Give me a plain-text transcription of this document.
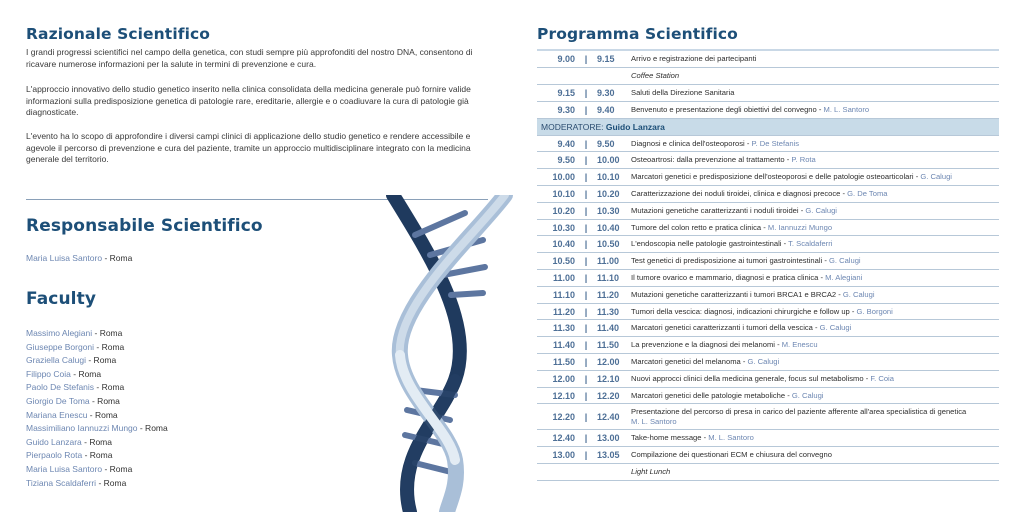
Razionale Scientifico

I grandi progressi scientifici nel campo della genetica, con studi sempre più approfonditi del nostro DNA, consentono di ricavare numerose informazioni per la salute in termini di prevenzione e cura.

L'approccio innovativo dello studio genetico inserito nella clinica consolidata della medicina generale può fornire valide informazioni sulla predisposizione genetica di patologie rare, ereditarie, allergie e o coadiuvare la cura di patologie già diagnosticate.

L'evento ha lo scopo di approfondire i diversi campi clinici di applicazione dello studio genetico e rendere accessibile e agevole il percorso di prevenzione e cura del paziente, tramite un approccio multidisciplinare integrato con la medicina generale del territorio.

Responsabile Scientifico
Maria Luisa Santoro - Roma
Faculty
Massimo Alegiani - Roma
Giuseppe Borgoni - Roma
Graziella Calugi - Roma
Filippo Coia - Roma
Paolo De Stefanis - Roma
Giorgio De Toma - Roma
Mariana Enescu - Roma
Massimiliano Iannuzzi Mungo - Roma
Guido Lanzara - Roma
Pierpaolo Rota - Roma
Maria Luisa Santoro - Roma
Tiziana Scaldaferri - Roma
Programma Scientifico
9.00	|	9.15	Arrivo e registrazione dei partecipanti
			Coffee Station
9.15	|	9.30	Saluti della Direzione Sanitaria
9.30	|	9.40	Benvenuto e presentazione degli obiettivi del convegno - M. L. Santoro
MODERATORE: Guido Lanzara			
9.40	|	9.50	Diagnosi e clinica dell'osteoporosi - P. De Stefanis
9.50	|	10.00	Osteoartrosi: dalla prevenzione al trattamento - P. Rota
10.00	|	10.10	Marcatori genetici e predisposizione dell'osteoporosi e delle patologie osteoarticolari - G. Calugi
10.10	|	10.20	Caratterizzazione dei noduli tiroidei, clinica e diagnosi precoce - G. De Toma
10.20	|	10.30	Mutazioni genetiche caratterizzanti i noduli tiroidei - G. Calugi
10.30	|	10.40	Tumore del colon retto e pratica clinica - M. Iannuzzi Mungo
10.40	|	10.50	L'endoscopia nelle patologie gastrointestinali - T. Scaldaferri
10.50	|	11.00	Test genetici di predisposizione ai tumori gastrointestinali - G. Calugi
11.00	|	11.10	Il tumore ovarico e mammario, diagnosi e pratica clinica - M. Alegiani
11.10	|	11.20	Mutazioni genetiche caratterizzanti i tumori BRCA1 e BRCA2 - G. Calugi
11.20	|	11.30	Tumori della vescica: diagnosi, indicazioni chirurgiche e follow up - G. Borgoni
11.30	|	11.40	Marcatori genetici caratterizzanti i tumori della vescica - G. Calugi
11.40	|	11.50	La prevenzione e la diagnosi dei melanomi - M. Enescu
11.50	|	12.00	Marcatori genetici del melanoma - G. Calugi
12.00	|	12.10	Nuovi approcci clinici della medicina generale, focus sul metabolismo - F. Coia
12.10	|	12.20	Marcatori genetici delle patologie metaboliche - G. Calugi
12.20	|	12.40	Presentazione del percorso di presa in carico del paziente afferente all'area specialistica di genetica
M. L. Santoro
12.40	|	13.00	Take-home message - M. L. Santoro
13.00	|	13.05	Compilazione dei questionari ECM e chiusura del convegno
			Light Lunch
